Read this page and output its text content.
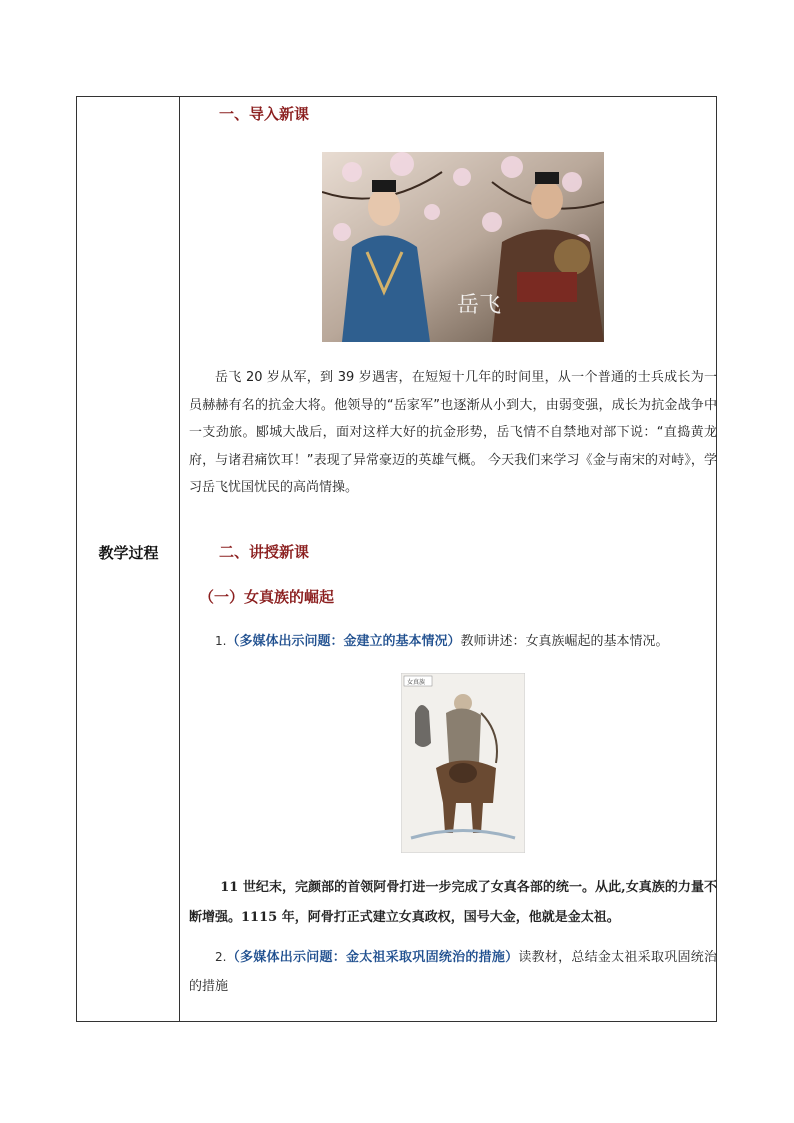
教学过程
一、导入新课
岳飞
岳飞 20 岁从军，到 39 岁遇害，在短短十几年的时间里，从一个普通的士兵成长为一员赫赫有名的抗金大将。他领导的“岳家军”也逐渐从小到大，由弱变强，成长为抗金战争中一支劲旅。郾城大战后，面对这样大好的抗金形势，岳飞情不自禁地对部下说：“直捣黄龙府，与诸君痛饮耳！”表现了异常豪迈的英雄气概。 今天我们来学习《金与南宋的对峙》，学习岳飞忧国忧民的高尚情操。
二、讲授新课
（一）女真族的崛起
1.（多媒体出示问题：金建立的基本情况）教师讲述：女真族崛起的基本情况。
女真族
11 世纪末，完颜部的首领阿骨打进一步完成了女真各部的统一。从此,女真族的力量不断增强。1115 年，阿骨打正式建立女真政权，国号大金，他就是金太祖。
2.（多媒体出示问题：金太祖采取巩固统治的措施）读教材，总结金太祖采取巩固统治的措施
